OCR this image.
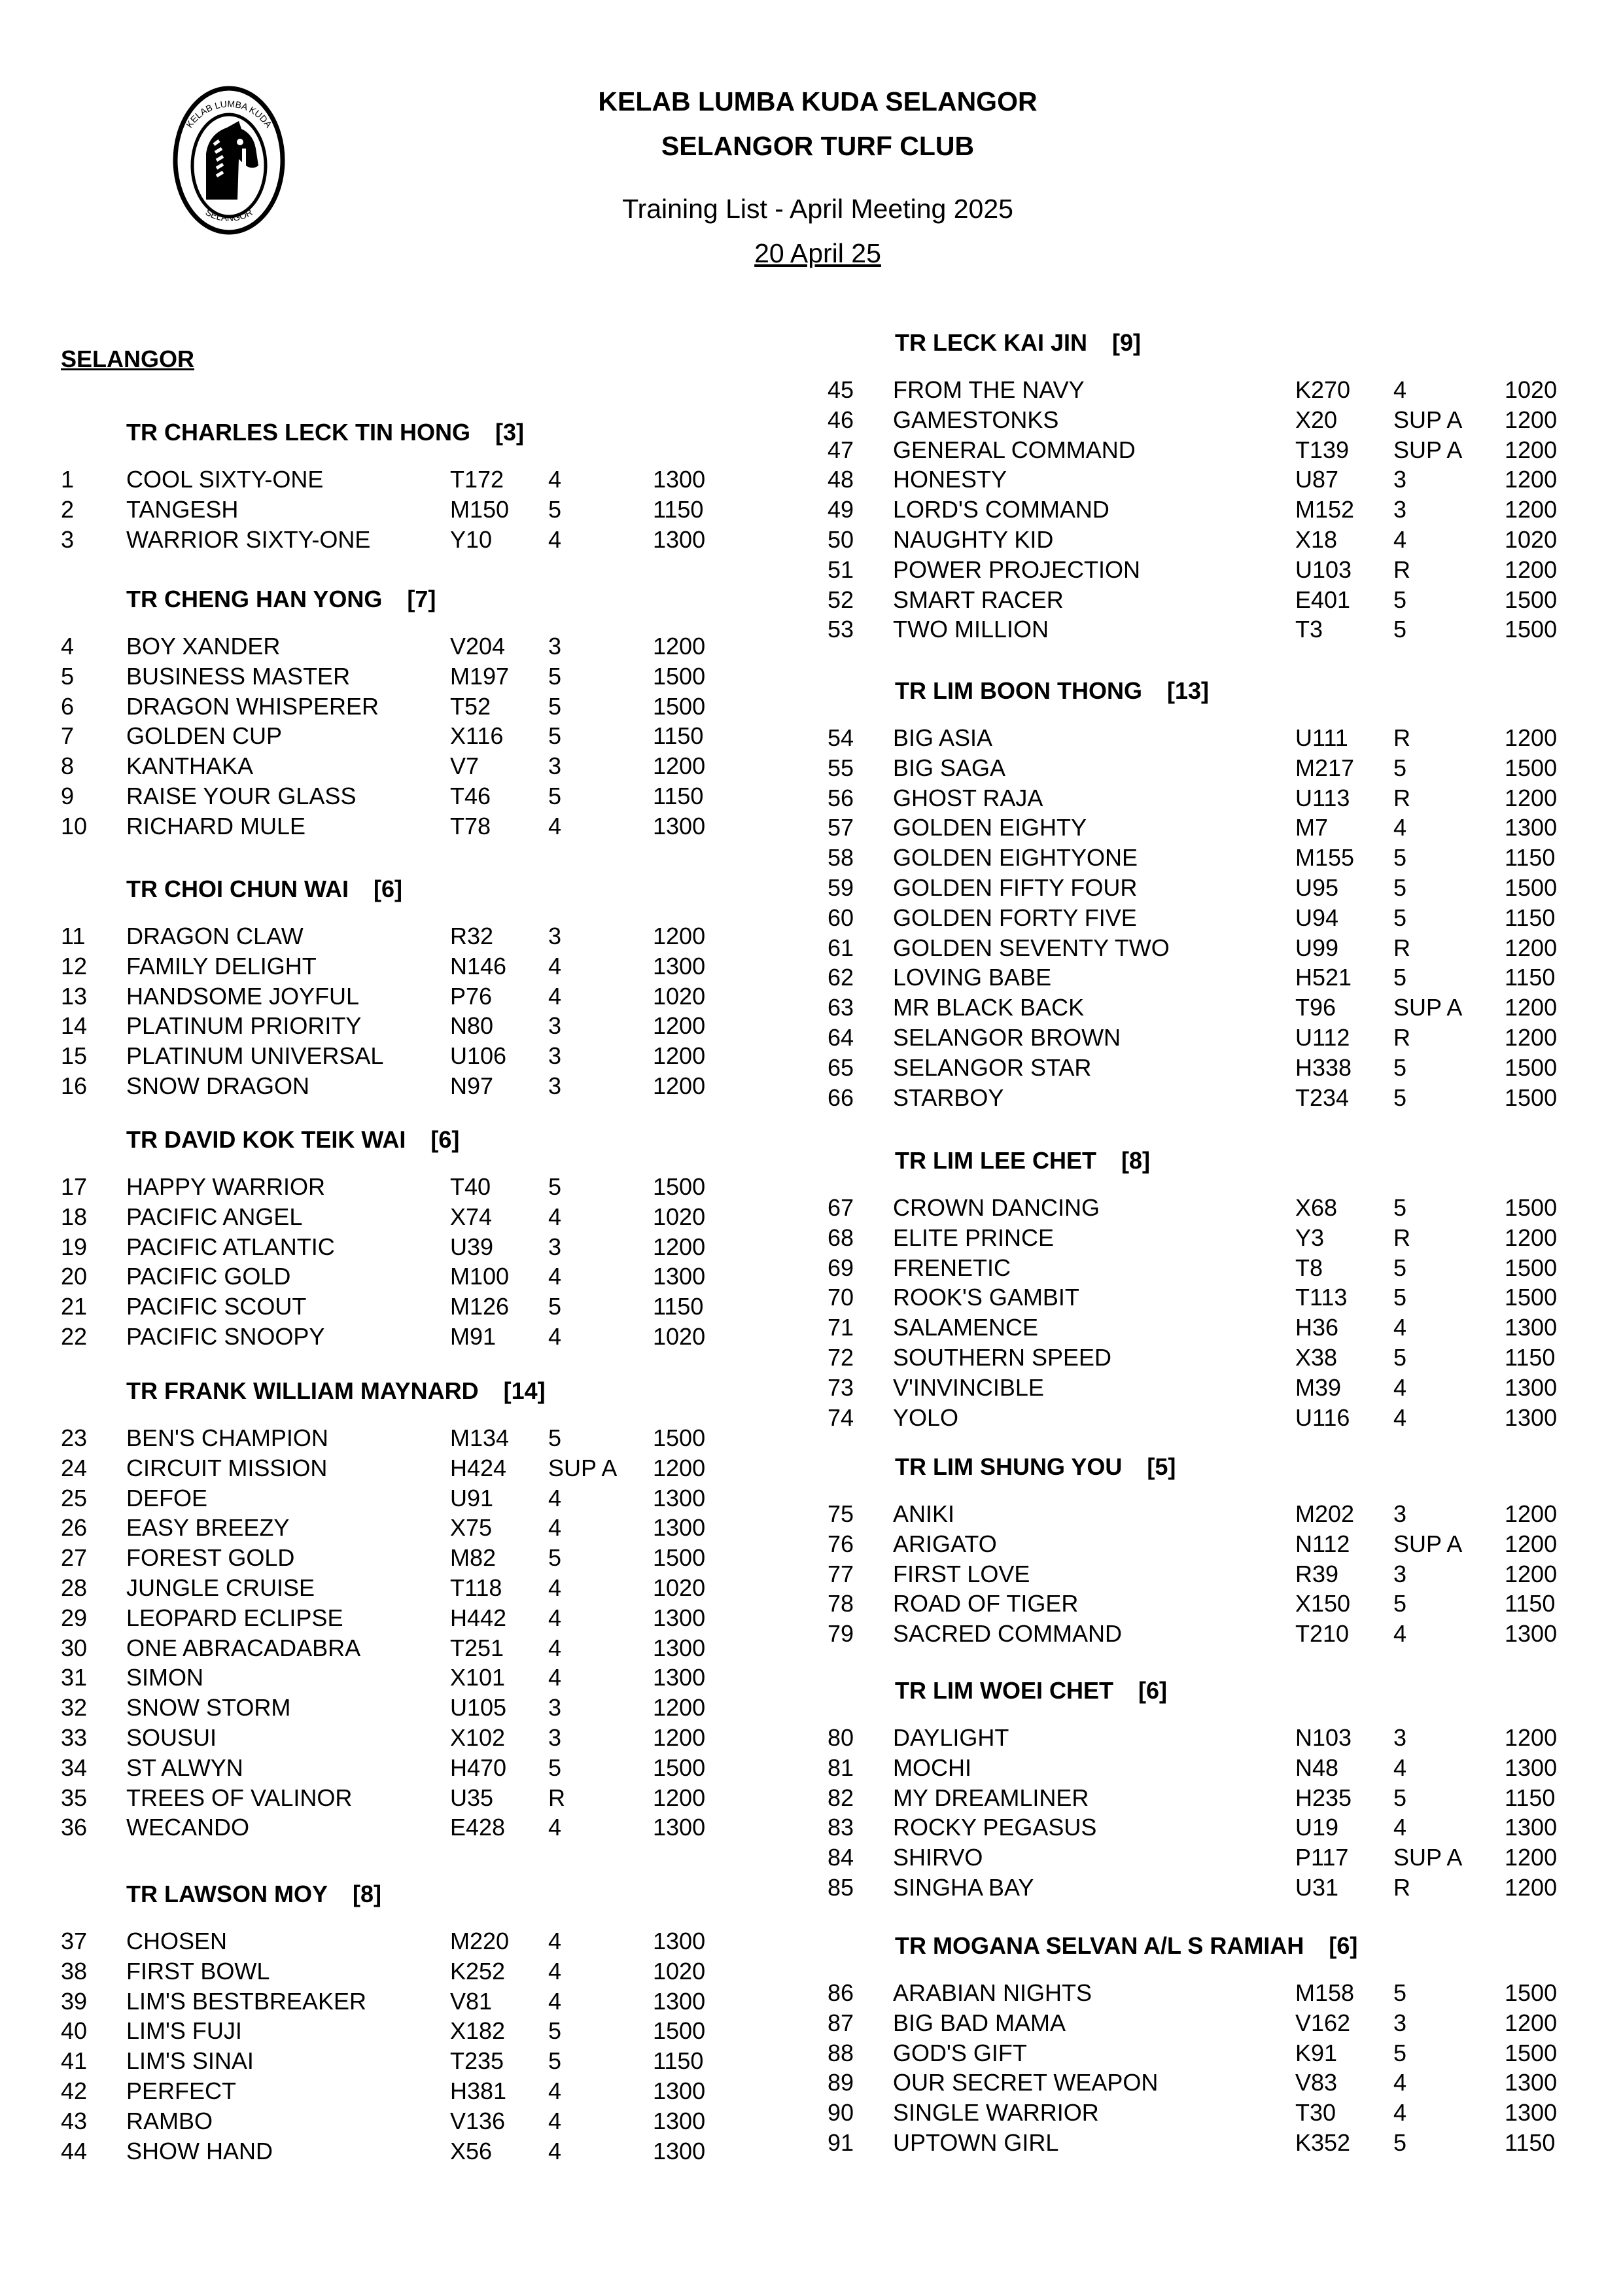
KELAB LUMBA KUDA
SELANGOR
KELAB LUMBA KUDA SELANGOR
SELANGOR TURF CLUB
Training List - April Meeting 2025
20 April 25
SELANGOR
TR CHARLES LECK TIN HONG [3]
1 COOL SIXTY-ONE	T172 4	1300
2 TANGESH	M150 5	1150
3 WARRIOR SIXTY-ONE	Y10 4	1300
TR CHENG HAN YONG [7]
4 BOY XANDER	V204 3	1200
5 BUSINESS MASTER	M197 5	1500
6 DRAGON WHISPERER	T52 5	1500
7 GOLDEN CUP	X116 5	1150
8 KANTHAKA	V7	3	1200
9 RAISE YOUR GLASS	T46 5	1150
10 RICHARD MULE	T78 4	1300
TR CHOI CHUN WAI [6]
11 DRAGON CLAW	R32 3	1200
12 FAMILY DELIGHT	N146 4	1300
13 HANDSOME JOYFUL	P76 4	1020
14 PLATINUM PRIORITY	N80 3	1200
15 PLATINUM UNIVERSAL	U106 3	1200
16 SNOW DRAGON	N97 3	1200
TR DAVID KOK TEIK WAI [6]
17 HAPPY WARRIOR	T40 5	1500
18 PACIFIC ANGEL	X74 4	1020
19 PACIFIC ATLANTIC	U39 3	1200
20 PACIFIC GOLD	M100 4	1300
21 PACIFIC SCOUT	M126 5	1150
22 PACIFIC SNOOPY	M91 4	1020
TR FRANK WILLIAM MAYNARD [14]
23 BEN'S CHAMPION	M134 5	1500
24 CIRCUIT MISSION	H424 SUP A 1200
25 DEFOE	U91 4	1300
26 EASY BREEZY	X75 4	1300
27 FOREST GOLD	M82 5	1500
28 JUNGLE CRUISE	T118 4	1020
29 LEOPARD ECLIPSE	H442 4	1300
30 ONE ABRACADABRA	T251 4	1300
31 SIMON	X101 4	1300
32 SNOW STORM	U105 3	1200
33 SOUSUI	X102 3	1200
34 ST ALWYN	H470 5	1500
35 TREES OF VALINOR	U35 R	1200
36 WECANDO	E428 4	1300
TR LAWSON MOY [8]
37 CHOSEN	M220 4	1300
38 FIRST BOWL	K252 4	1020
39 LIM'S BESTBREAKER	V81 4	1300
40 LIM'S FUJI	X182 5	1500
41 LIM'S SINAI	T235 5	1150
42 PERFECT	H381 4	1300
43 RAMBO	V136 4	1300
44 SHOW HAND	X56 4	1300
TR LECK KAI JIN [9]
45 FROM THE NAVY	K270 4	1020
46 GAMESTONKS	X20 SUP A 1200
47 GENERAL COMMAND	T139 SUP A 1200
48 HONESTY	U87 3	1200
49 LORD'S COMMAND	M152 3	1200
50 NAUGHTY KID	X18 4	1020
51 POWER PROJECTION	U103 R	1200
52 SMART RACER	E401 5	1500
53 TWO MILLION	T3	5	1500
TR LIM BOON THONG [13]
54 BIG ASIA	U111 R	1200
55 BIG SAGA	M217 5	1500
56 GHOST RAJA	U113 R	1200
57 GOLDEN EIGHTY	M7	4	1300
58 GOLDEN EIGHTYONE	M155 5	1150
59 GOLDEN FIFTY FOUR	U95 5	1500
60 GOLDEN FORTY FIVE	U94 5	1150
61 GOLDEN SEVENTY TWO	U99 R	1200
62 LOVING BABE	H521 5	1150
63 MR BLACK BACK	T96 SUP A 1200
64 SELANGOR BROWN	U112 R	1200
65 SELANGOR STAR	H338 5	1500
66 STARBOY	T234 5	1500
TR LIM LEE CHET [8]
67 CROWN DANCING	X68 5	1500
68 ELITE PRINCE	Y3	R	1200
69 FRENETIC	T8	5	1500
70 ROOK'S GAMBIT	T113 5	1500
71 SALAMENCE	H36 4	1300
72 SOUTHERN SPEED	X38 5	1150
73 V'INVINCIBLE	M39 4	1300
74 YOLO	U116 4	1300
TR LIM SHUNG YOU [5]
75 ANIKI	M202 3	1200
76 ARIGATO	N112 SUP A 1200
77 FIRST LOVE	R39 3	1200
78 ROAD OF TIGER	X150 5	1150
79 SACRED COMMAND	T210 4	1300
TR LIM WOEI CHET [6]
80 DAYLIGHT	N103 3	1200
81 MOCHI	N48 4	1300
82 MY DREAMLINER	H235 5	1150
83 ROCKY PEGASUS	U19 4	1300
84 SHIRVO	P117 SUP A 1200
85 SINGHA BAY	U31 R	1200
TR MOGANA SELVAN A/L S RAMIAH [6]
86 ARABIAN NIGHTS	M158 5	1500
87 BIG BAD MAMA	V162 3	1200
88 GOD'S GIFT	K91 5	1500
89 OUR SECRET WEAPON	V83 4	1300
90 SINGLE WARRIOR	T30 4	1300
91 UPTOWN GIRL	K352 5	1150
